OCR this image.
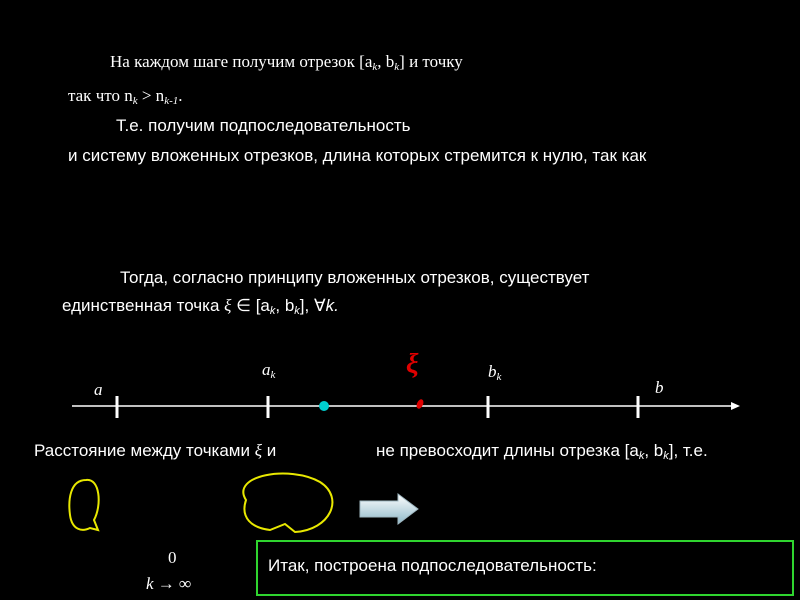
На каждом шаге получим отрезок [$a_k$, $b_k$] и точку
так что $n_k > n_{k-1}$.
Т.е. получим подпоследовательность
и систему вложенных отрезков, длина которых стремится к нулю, так как
Тогда, согласно принципу вложенных отрезков, существует
единственная точка ξ ∈ [$a_k$, $b_k$], ∀k.
a
$a_k$	ξ	$b_k$
b
Расстояние между точками ξ и	не превосходит длины отрезка [$a_k$, $b_k$], т.е.
0
k → ∞
Итак, построена подпоследовательность:
